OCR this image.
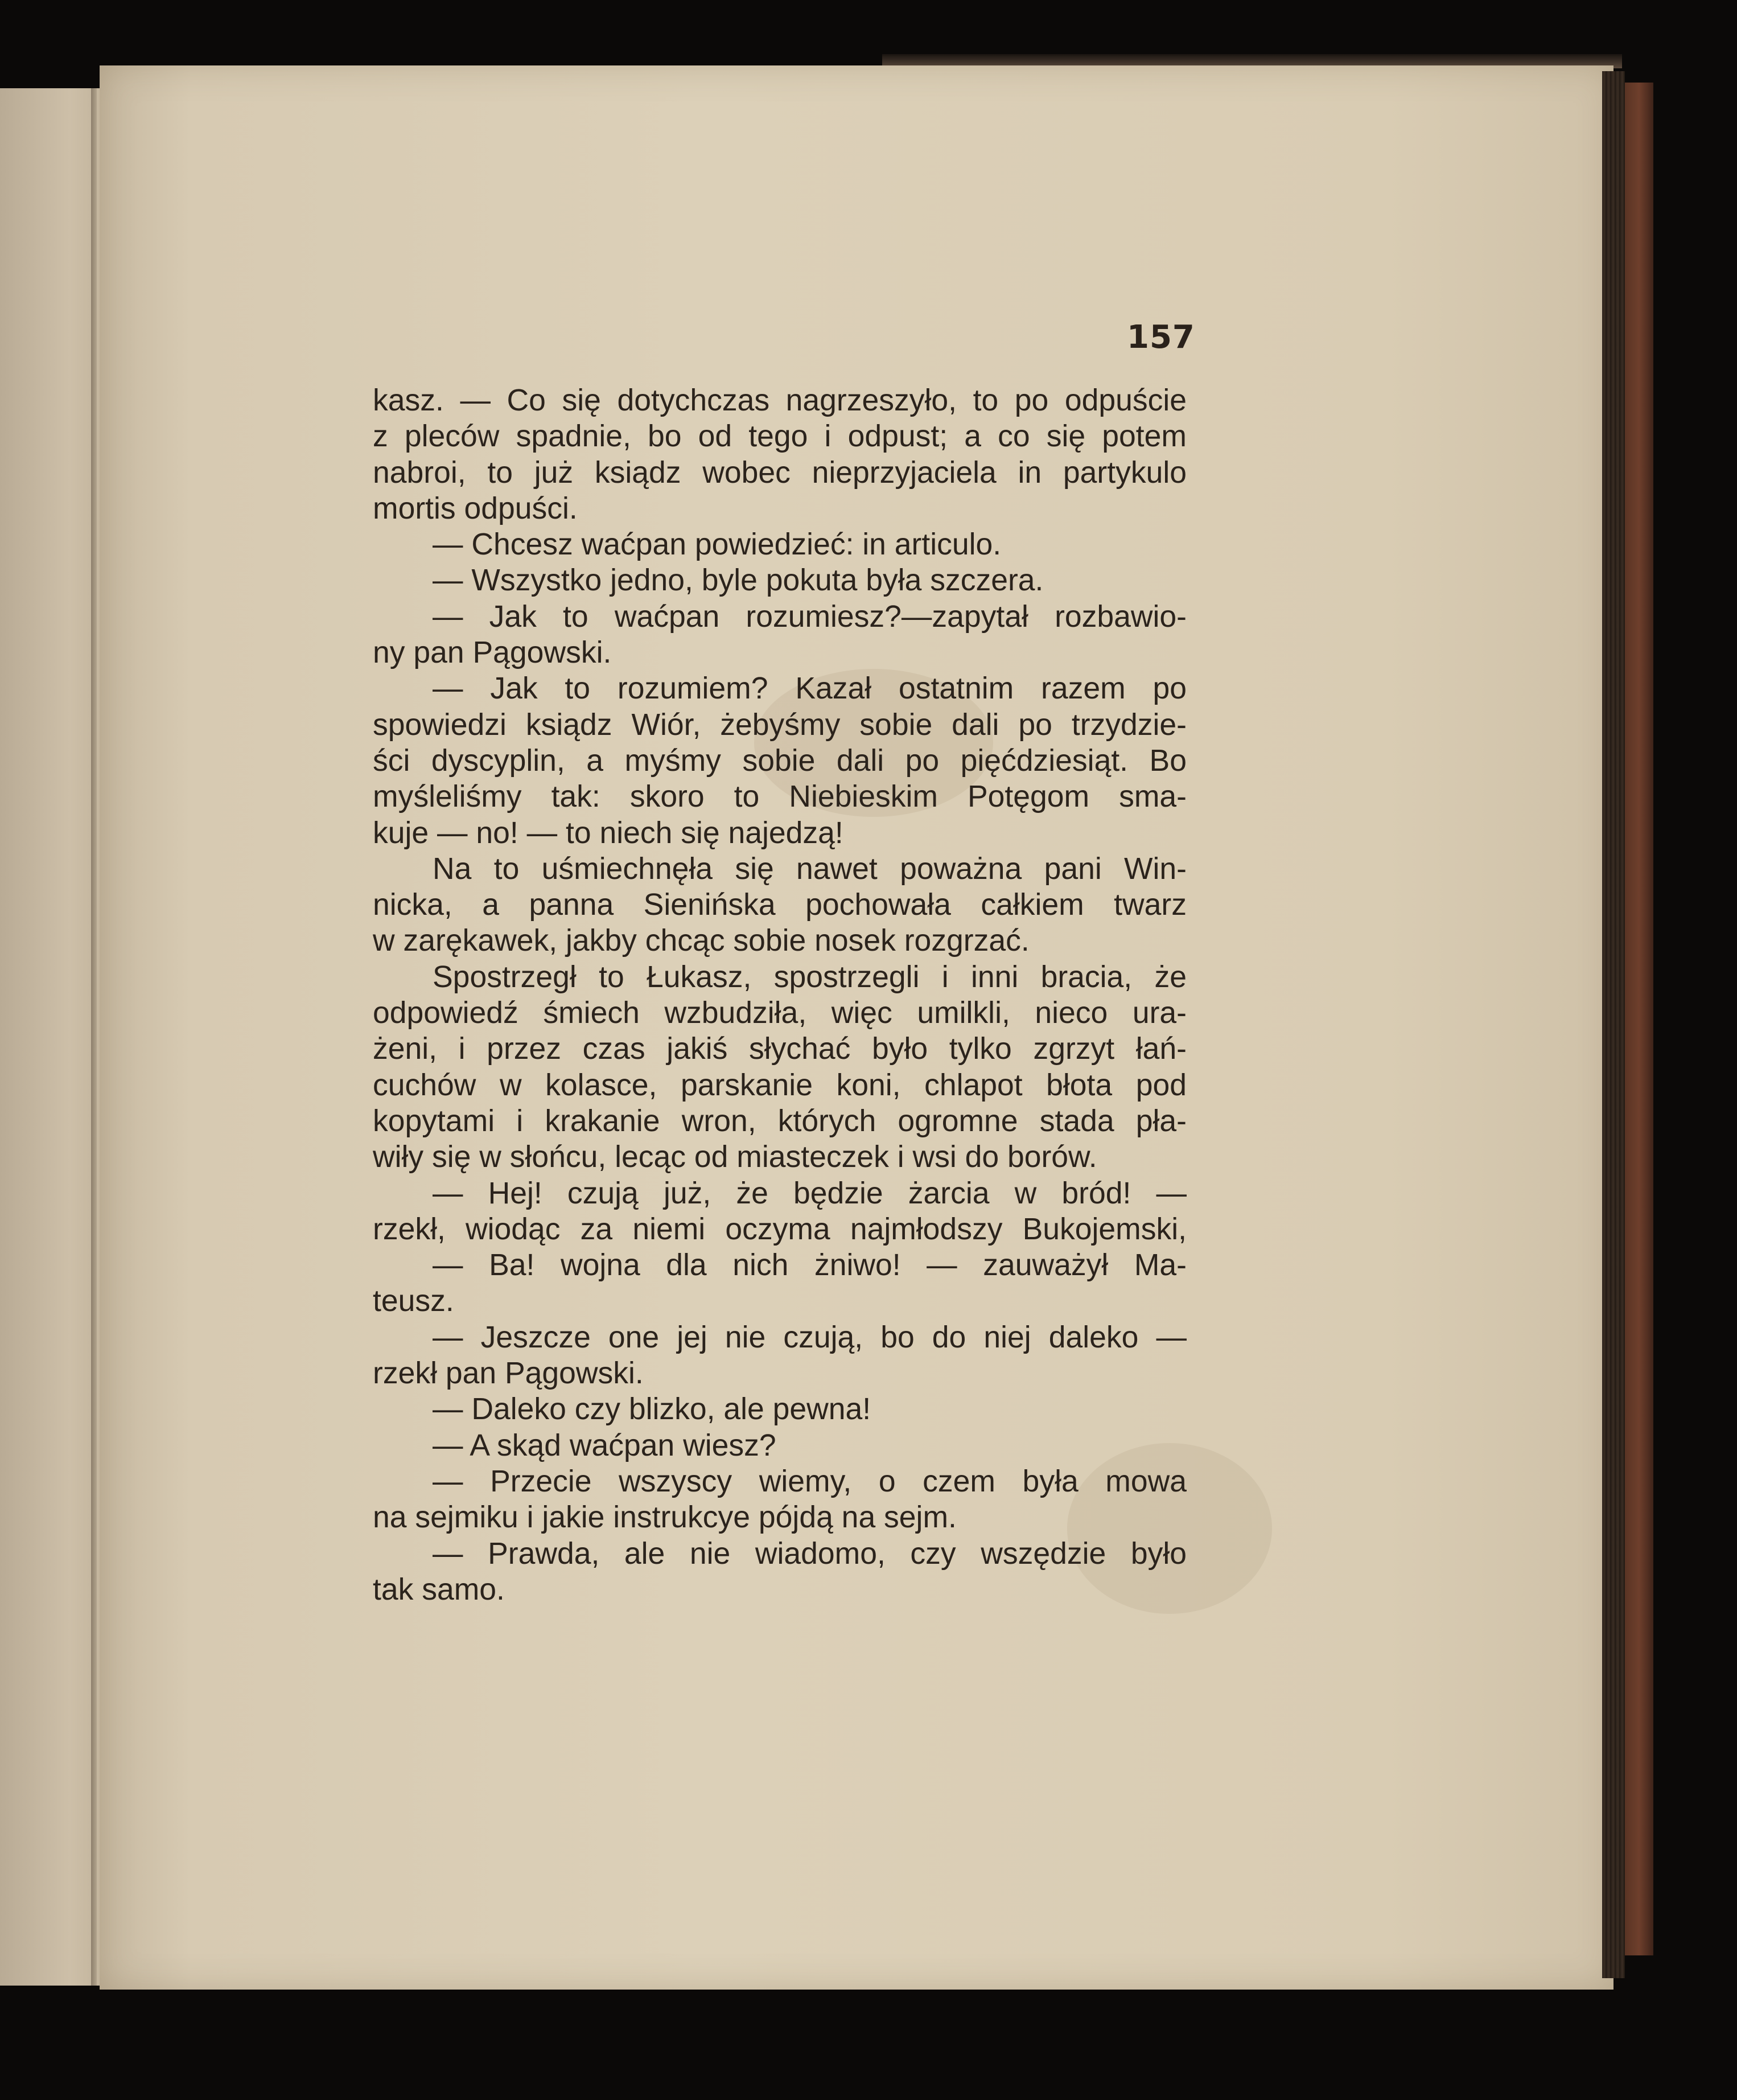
157
kasz. — Co się dotychczas nagrzeszyło, to po odpuście
z pleców spadnie, bo od tego i odpust; a co się potem
nabroi, to już ksiądz wobec nieprzyjaciela in partykulo
mortis odpuści.
— Chcesz waćpan powiedzieć: in articulo.
— Wszystko jedno, byle pokuta była szczera.
— Jak to waćpan rozumiesz?—zapytał rozbawio-
ny pan Pągowski.
— Jak to rozumiem? Kazał ostatnim razem po
spowiedzi ksiądz Wiór, żebyśmy sobie dali po trzydzie-
ści dyscyplin, a myśmy sobie dali po pięćdziesiąt. Bo
myśleliśmy tak: skoro to Niebieskim Potęgom sma-
kuje — no! — to niech się najedzą!
Na to uśmiechnęła się nawet poważna pani Win-
nicka, a panna Sienińska pochowała całkiem twarz
w zarękawek, jakby chcąc sobie nosek rozgrzać.
Spostrzegł to Łukasz, spostrzegli i inni bracia, że
odpowiedź śmiech wzbudziła, więc umilkli, nieco ura-
żeni, i przez czas jakiś słychać było tylko zgrzyt łań-
cuchów w kolasce, parskanie koni, chlapot błota pod
kopytami i krakanie wron, których ogromne stada pła-
wiły się w słońcu, lecąc od miasteczek i wsi do borów.
— Hej! czują już, że będzie żarcia w bród! —
rzekł, wiodąc za niemi oczyma najmłodszy Bukojemski,
— Ba! wojna dla nich żniwo! — zauważył Ma-
teusz.
— Jeszcze one jej nie czują, bo do niej daleko —
rzekł pan Pągowski.
— Daleko czy blizko, ale pewna!
— A skąd waćpan wiesz?
— Przecie wszyscy wiemy, o czem była mowa
na sejmiku i jakie instrukcye pójdą na sejm.
— Prawda, ale nie wiadomo, czy wszędzie było
tak samo.
